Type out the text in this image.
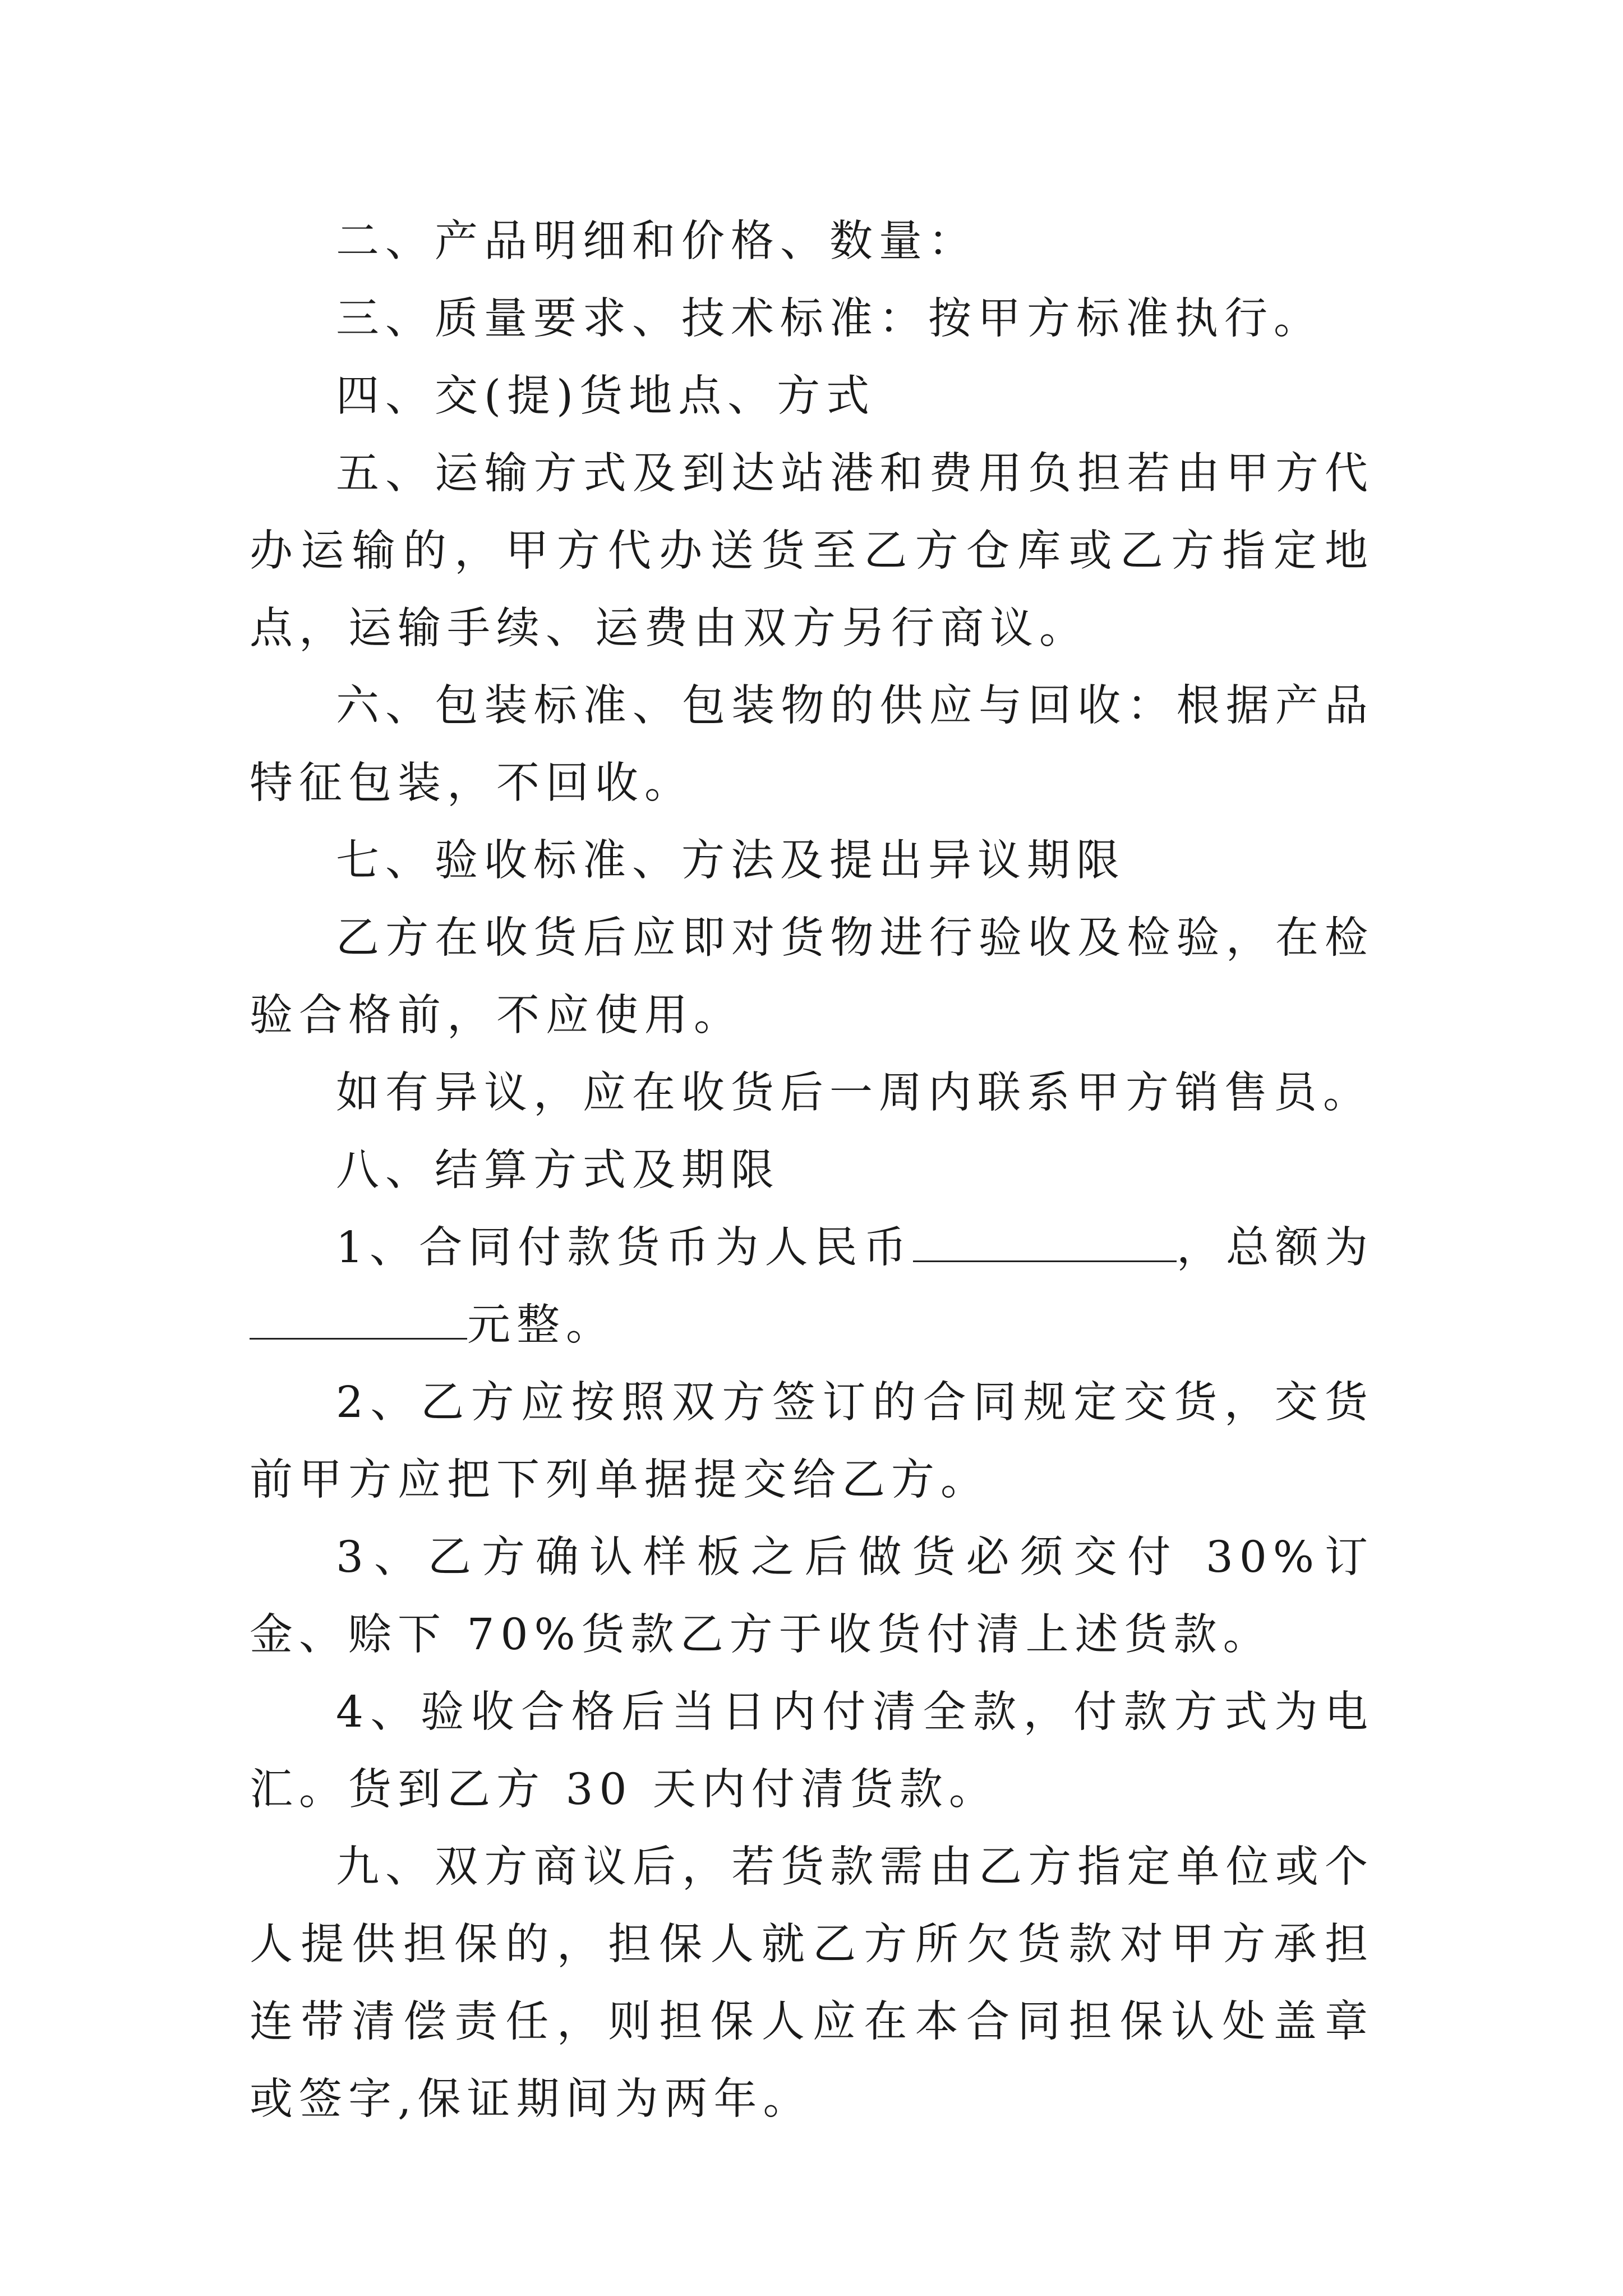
二、产品明细和价格、数量：

三、质量要求、技术标准：按甲方标准执行。

四、交(提)货地点、方式

五、运输方式及到达站港和费用负担若由甲方代办运输的，甲方代办送货至乙方仓库或乙方指定地点，运输手续、运费由双方另行商议。

六、包装标准、包装物的供应与回收：根据产品特征包装，不回收。

七、验收标准、方法及提出异议期限

乙方在收货后应即对货物进行验收及检验，在检验合格前，不应使用。

如有异议，应在收货后一周内联系甲方销售员。

八、结算方式及期限

1、合同付款货币为人民币	，总额为元整。

2、乙方应按照双方签订的合同规定交货，交货前甲方应把下列单据提交给乙方。

3、乙方确认样板之后做货必须交付 30%订金、赊下 70%货款乙方于收货付清上述货款。

4、验收合格后当日内付清全款，付款方式为电汇。货到乙方 30 天内付清货款。

九、双方商议后，若货款需由乙方指定单位或个人提供担保的，担保人就乙方所欠货款对甲方承担连带清偿责任，则担保人应在本合同担保认处盖章或签字,保证期间为两年。
